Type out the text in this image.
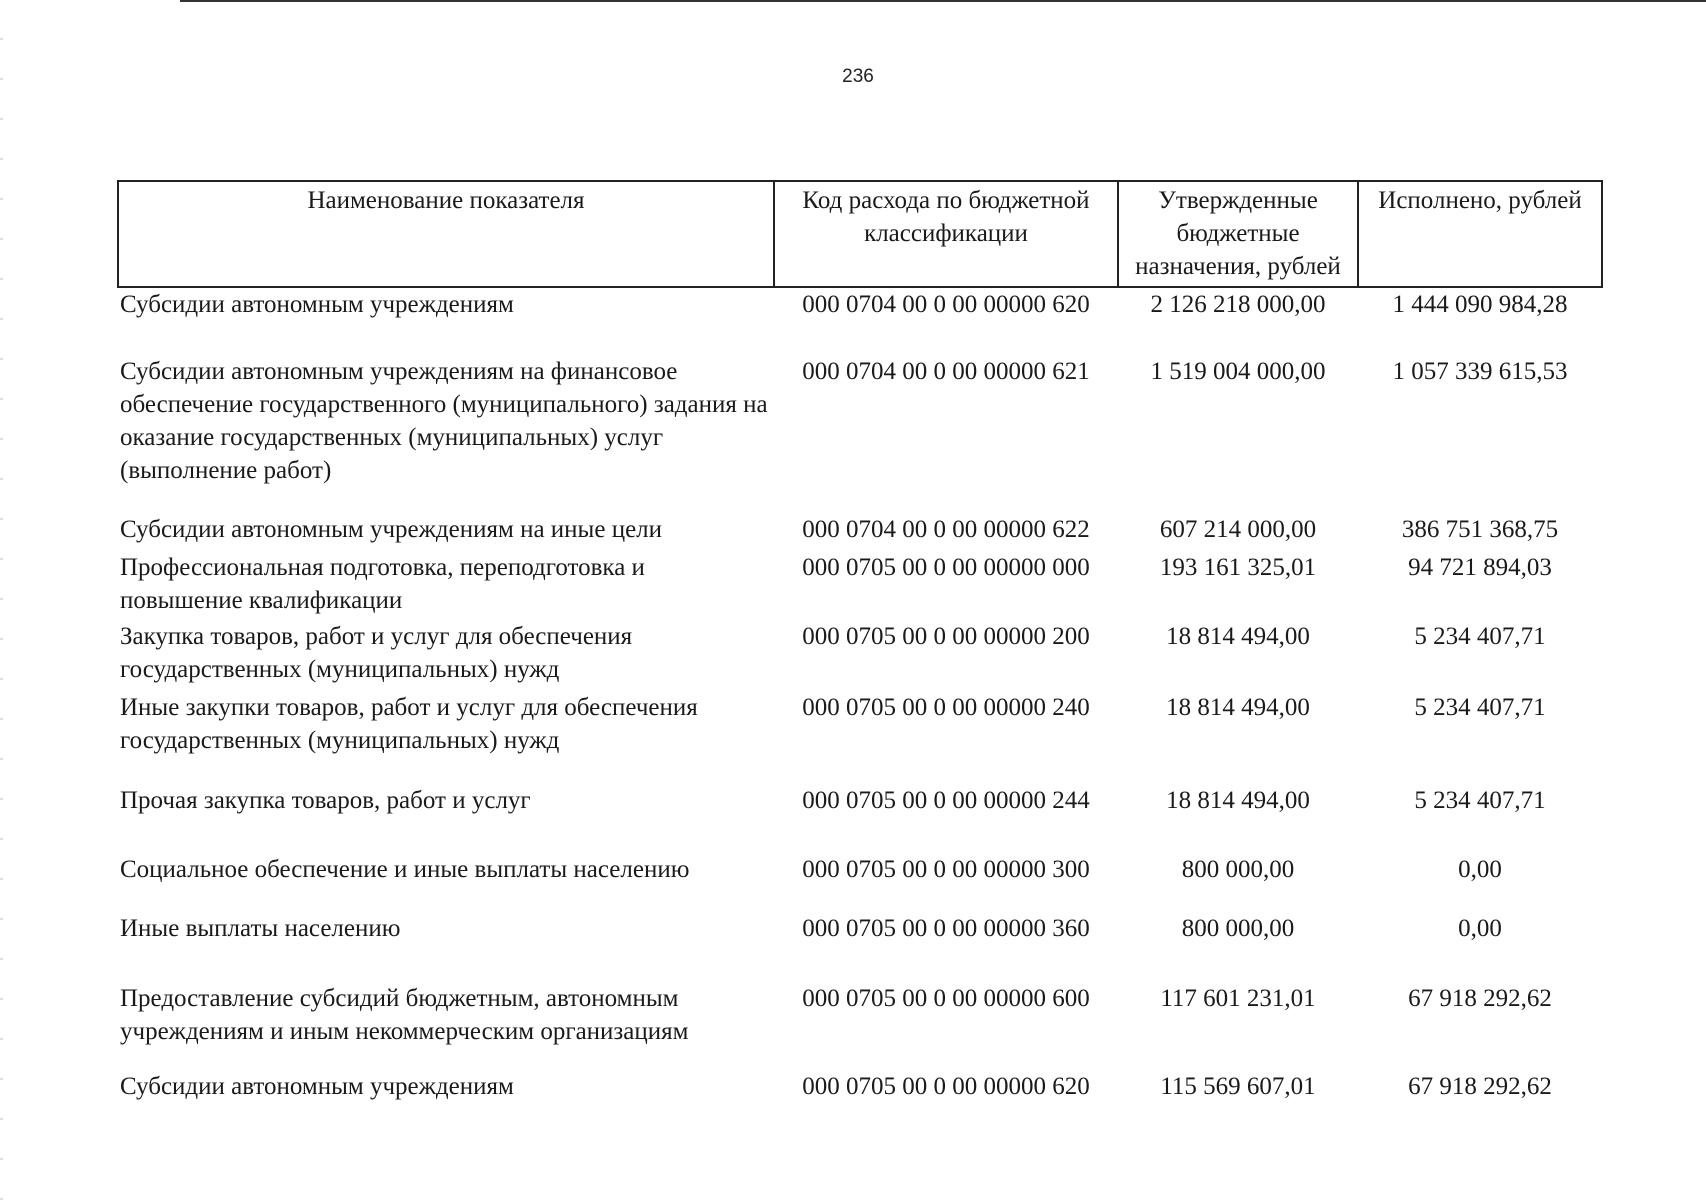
236
Наименование показателя	Код расхода по бюджетной классификации	Утвержденные бюджетные назначения, рублей	Исполнено, рублей
Субсидии автономным учреждениям	000 0704 00 0 00 00000 620	2 126 218 000,00	1 444 090 984,28
Субсидии автономным учреждениям на финансовое обеспечение государственного (муниципального) задания на оказание государственных (муниципальных) услуг (выполнение работ)	000 0704 00 0 00 00000 621	1 519 004 000,00	1 057 339 615,53
Субсидии автономным учреждениям на иные цели	000 0704 00 0 00 00000 622	607 214 000,00	386 751 368,75
Профессиональная подготовка, переподготовка и повышение квалификации	000 0705 00 0 00 00000 000	193 161 325,01	94 721 894,03
Закупка товаров, работ и услуг для обеспечения государственных (муниципальных) нужд	000 0705 00 0 00 00000 200	18 814 494,00	5 234 407,71
Иные закупки товаров, работ и услуг для обеспечения государственных (муниципальных) нужд	000 0705 00 0 00 00000 240	18 814 494,00	5 234 407,71
Прочая закупка товаров, работ и услуг	000 0705 00 0 00 00000 244	18 814 494,00	5 234 407,71
Социальное обеспечение и иные выплаты населению	000 0705 00 0 00 00000 300	800 000,00	0,00
Иные выплаты населению	000 0705 00 0 00 00000 360	800 000,00	0,00
Предоставление субсидий бюджетным, автономным учреждениям и иным некоммерческим организациям	000 0705 00 0 00 00000 600	117 601 231,01	67 918 292,62
Субсидии автономным учреждениям	000 0705 00 0 00 00000 620	115 569 607,01	67 918 292,62
